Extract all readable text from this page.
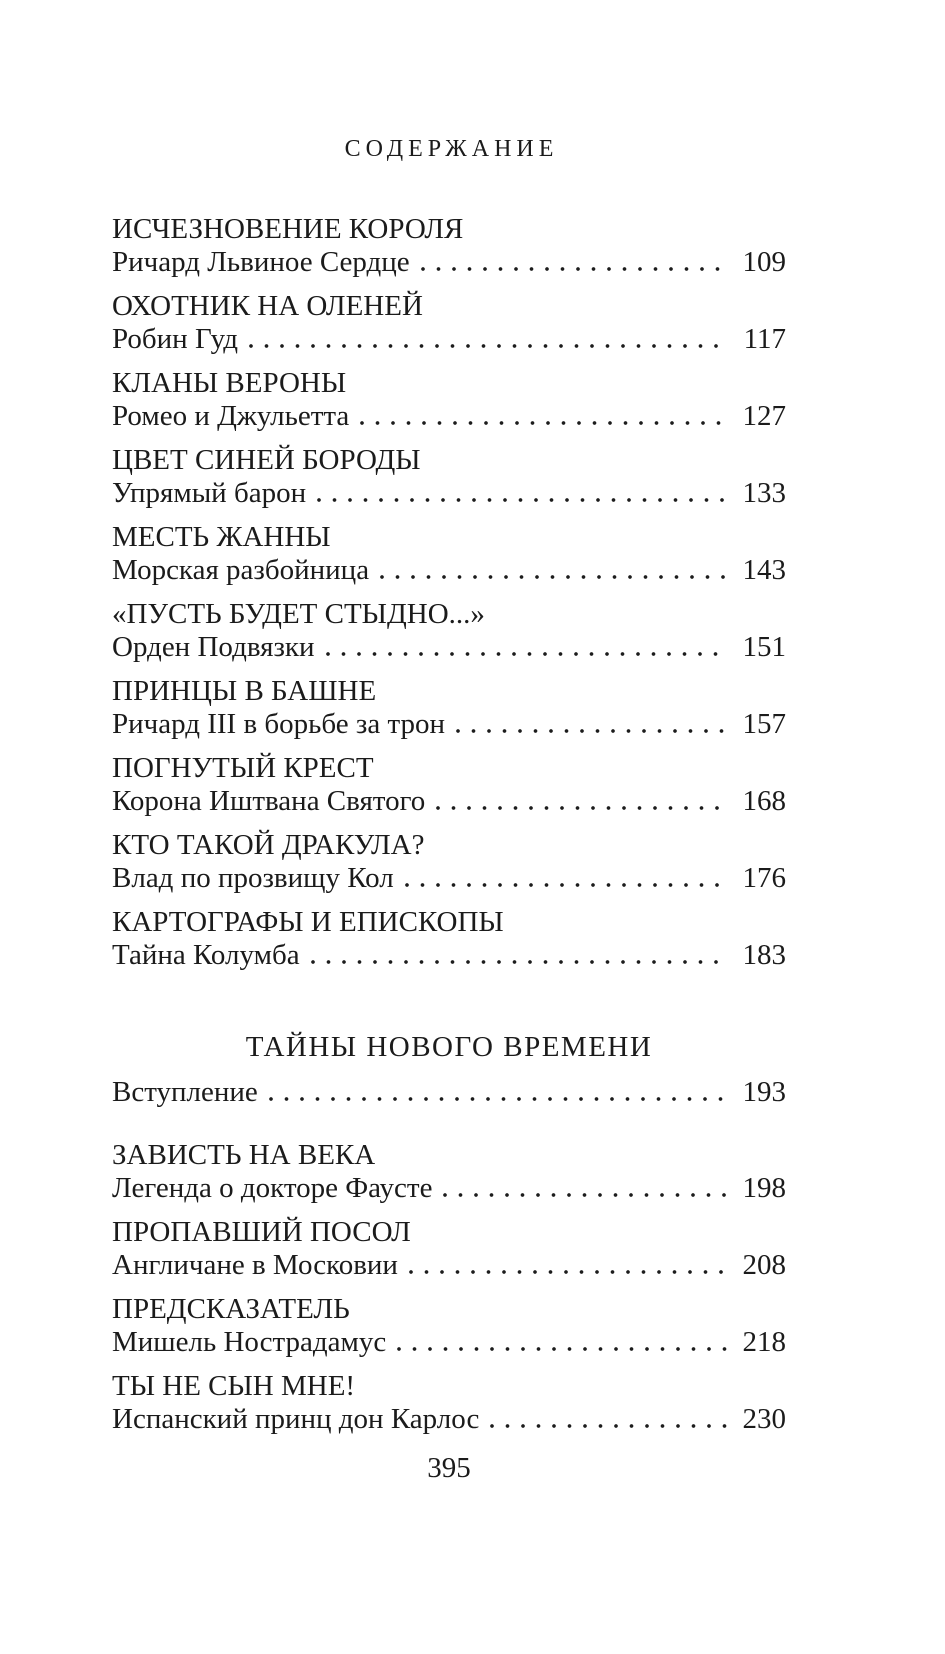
СОДЕРЖАНИЕ
ИСЧЕЗНОВЕНИЕ КОРОЛЯ
Ричард Львиное Сердце	109
ОХОТНИК НА ОЛЕНЕЙ
Робин Гуд	117
КЛАНЫ ВЕРОНЫ
Ромео и Джульетта	127
ЦВЕТ СИНЕЙ БОРОДЫ
Упрямый барон	133
МЕСТЬ ЖАННЫ
Морская разбойница	143
«ПУСТЬ БУДЕТ СТЫДНО...»
Орден Подвязки	151
ПРИНЦЫ В БАШНЕ
Ричард III в борьбе за трон	157
ПОГНУТЫЙ КРЕСТ
Корона Иштвана Святого	168
КТО ТАКОЙ ДРАКУЛА?
Влад по прозвищу Кол	176
КАРТОГРАФЫ И ЕПИСКОПЫ
Тайна Колумба	183
ТАЙНЫ НОВОГО ВРЕМЕНИ
Вступление	193
ЗАВИСТЬ НА ВЕКА
Легенда о докторе Фаусте	198
ПРОПАВШИЙ ПОСОЛ
Англичане в Московии	208
ПРЕДСКАЗАТЕЛЬ
Мишель Нострадамус	218
ТЫ НЕ СЫН МНЕ!
Испанский принц дон Карлос	230
395
